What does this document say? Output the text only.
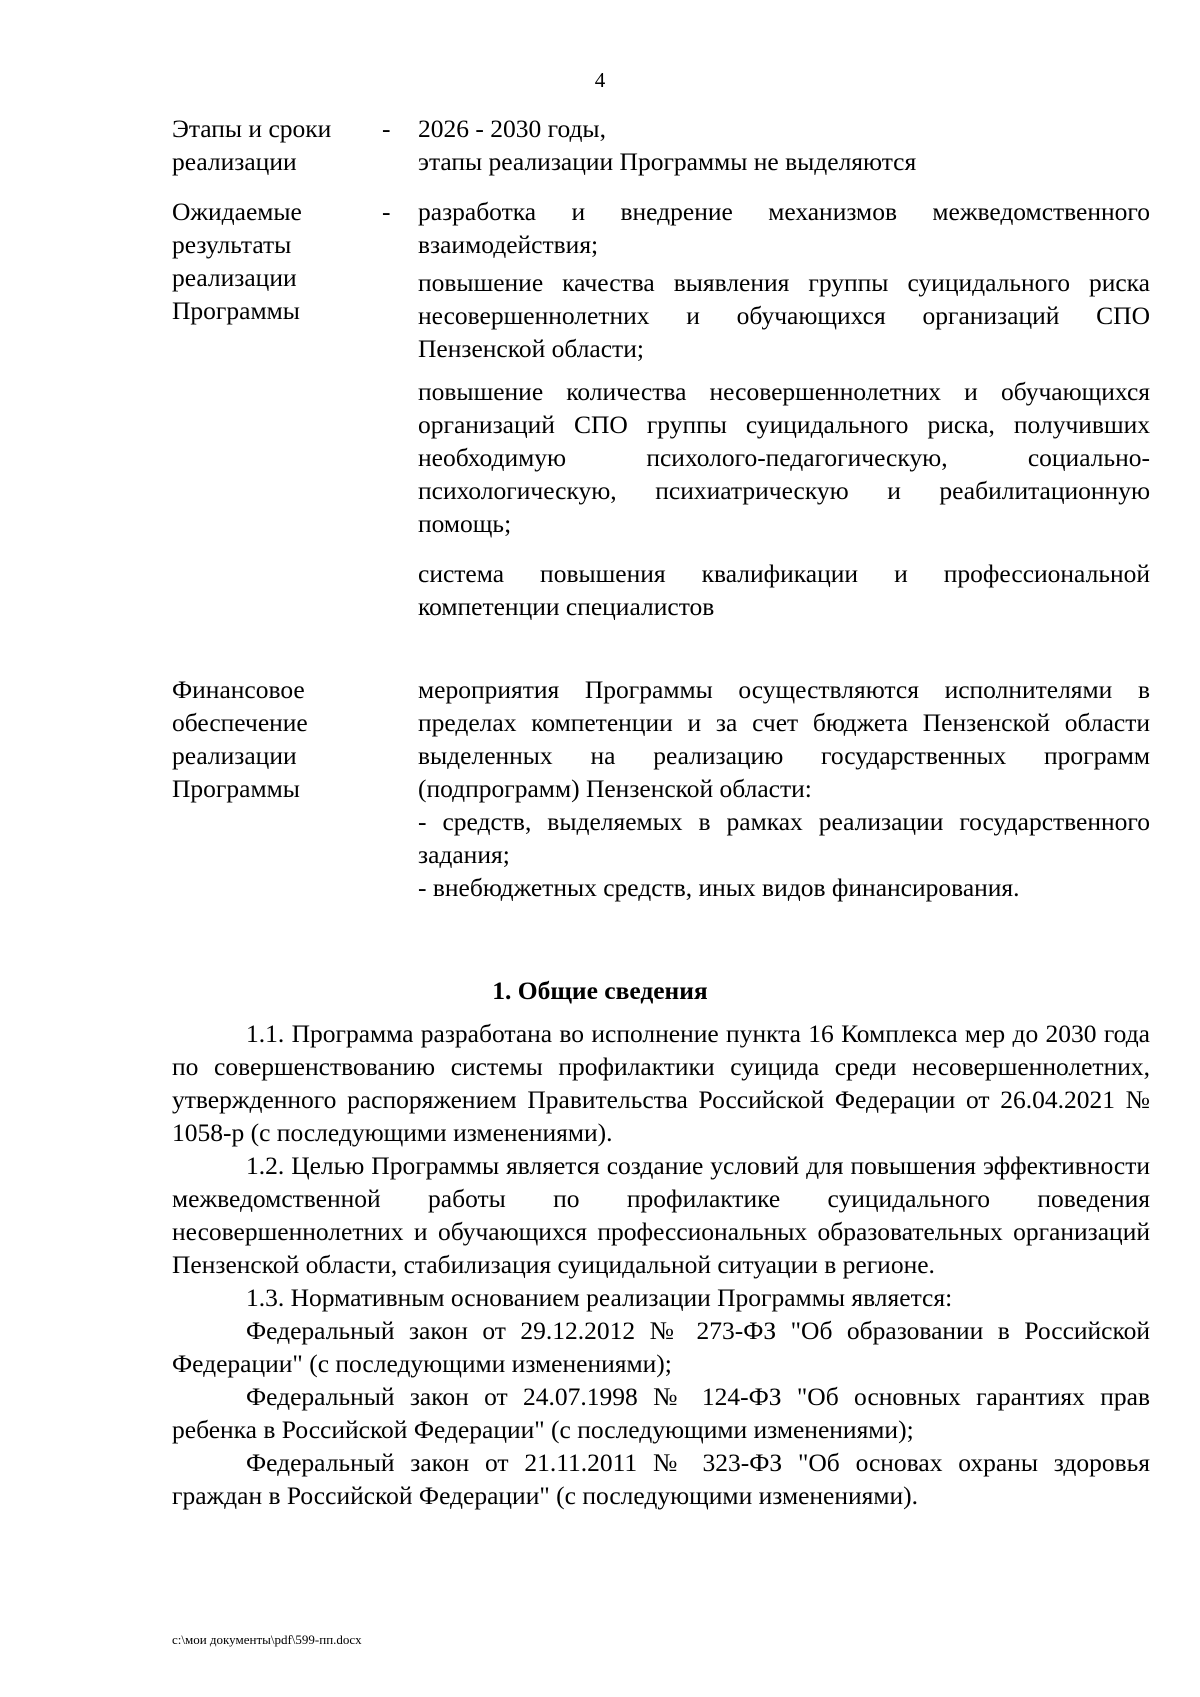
4
Этапы и сроки реализации
- 2026 - 2030 годы,

этапы реализации Программы не выделяются

Ожидаемые результаты реализации Программы
- разработка и внедрение механизмов межведомственного взаимодействия;

повышение качества выявления группы суицидального риска несовершеннолетних и обучающихся организаций СПО Пензенской области;

повышение количества несовершеннолетних и обучающихся организаций СПО группы суицидального риска, получивших необходимую психолого-педагогическую, социально-психологическую, психиатрическую и реабилитационную помощь;

система повышения квалификации и профессиональной компетенции специалистов

Финансовое обеспечение реализации Программы

мероприятия Программы осуществляются исполнителями в пределах компетенции и за счет бюджета Пензенской области выделенных на реализацию государственных программ (подпрограмм) Пензенской области:

- средств, выделяемых в рамках реализации государственного задания;

- внебюджетных средств, иных видов финансирования.

1. Общие сведения

1.1. Программа разработана во исполнение пункта 16 Комплекса мер до 2030 года по совершенствованию системы профилактики суицида среди несовершеннолетних, утвержденного распоряжением Правительства Российской Федерации от 26.04.2021 № 1058-р (с последующими изменениями).

1.2. Целью Программы является создание условий для повышения эффективности межведомственной работы по профилактике суицидального поведения несовершеннолетних и обучающихся профессиональных образовательных организаций Пензенской области, стабилизация суицидальной ситуации в регионе.

1.3. Нормативным основанием реализации Программы является:

Федеральный закон от 29.12.2012 № 273-ФЗ "Об образовании в Российской Федерации" (с последующими изменениями);

Федеральный закон от 24.07.1998 № 124-ФЗ "Об основных гарантиях прав ребенка в Российской Федерации" (с последующими изменениями);

Федеральный закон от 21.11.2011 № 323-ФЗ "Об основах охраны здоровья граждан в Российской Федерации" (с последующими изменениями).

c:\мои документы\pdf\599-пп.docx
